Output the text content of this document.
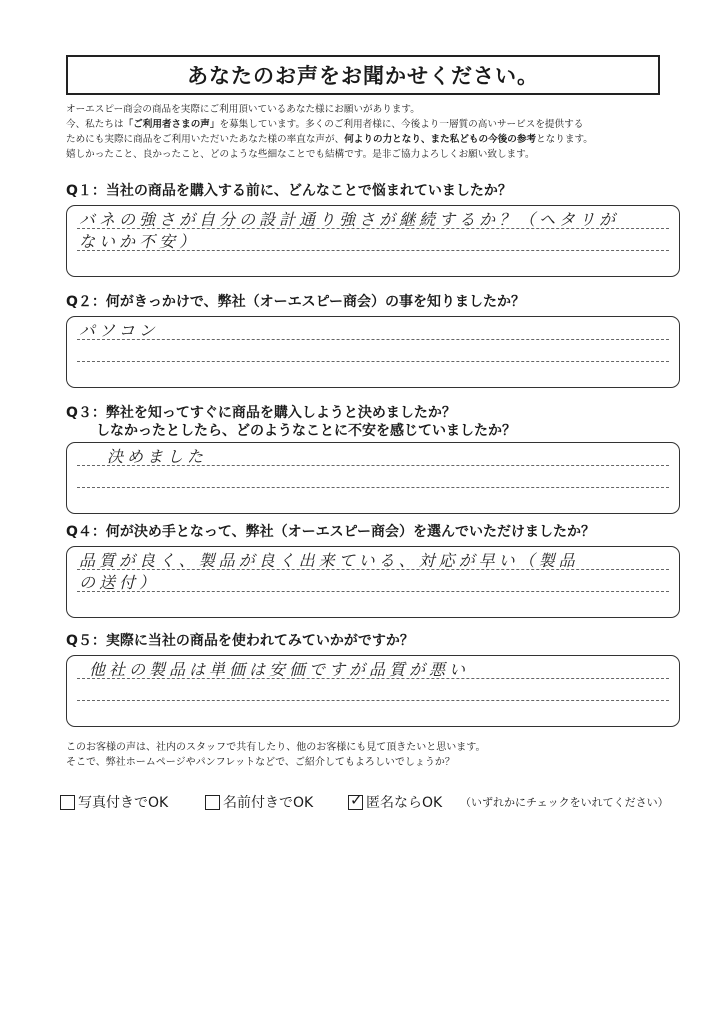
あなたのお声をお聞かせください。
オーエスピー商会の商品を実際にご利用頂いているあなた様にお願いがあります。
今、私たちは「ご利用者さまの声」を募集しています。多くのご利用者様に、今後より一層質の高いサービスを提供する
ためにも実際に商品をご利用いただいたあなた様の率直な声が、何よりの力となり、また私どもの今後の参考となります。
嬉しかったこと、良かったこと、どのような些細なことでも結構です。是非ご協力よろしくお願い致します。
Q１：当社の商品を購入する前に、どんなことで悩まれていましたか？
バネの強さが自分の設計通り強さが継続するか？（ヘタリが
ないか不安）
Q２：何がきっかけで、弊社（オーエスピー商会）の事を知りましたか？
パソコン
Q３：弊社を知ってすぐに商品を購入しようと決めましたか？
しなかったとしたら、どのようなことに不安を感じていましたか？
決めました
Q４：何が決め手となって、弊社（オーエスピー商会）を選んでいただけましたか？
品質が良く、製品が良く出来ている、対応が早い（製品
の送付）
Q５：実際に当社の商品を使われてみていかがですか？
他社の製品は単価は安価ですが品質が悪い
このお客様の声は、社内のスタッフで共有したり、他のお客様にも見て頂きたいと思います。
そこで、弊社ホームページやパンフレットなどで、ご紹介してもよろしいでしょうか？
写真付きでOK	名前付きでOK ✓ 匿名ならOK （いずれかにチェックをいれてください）
